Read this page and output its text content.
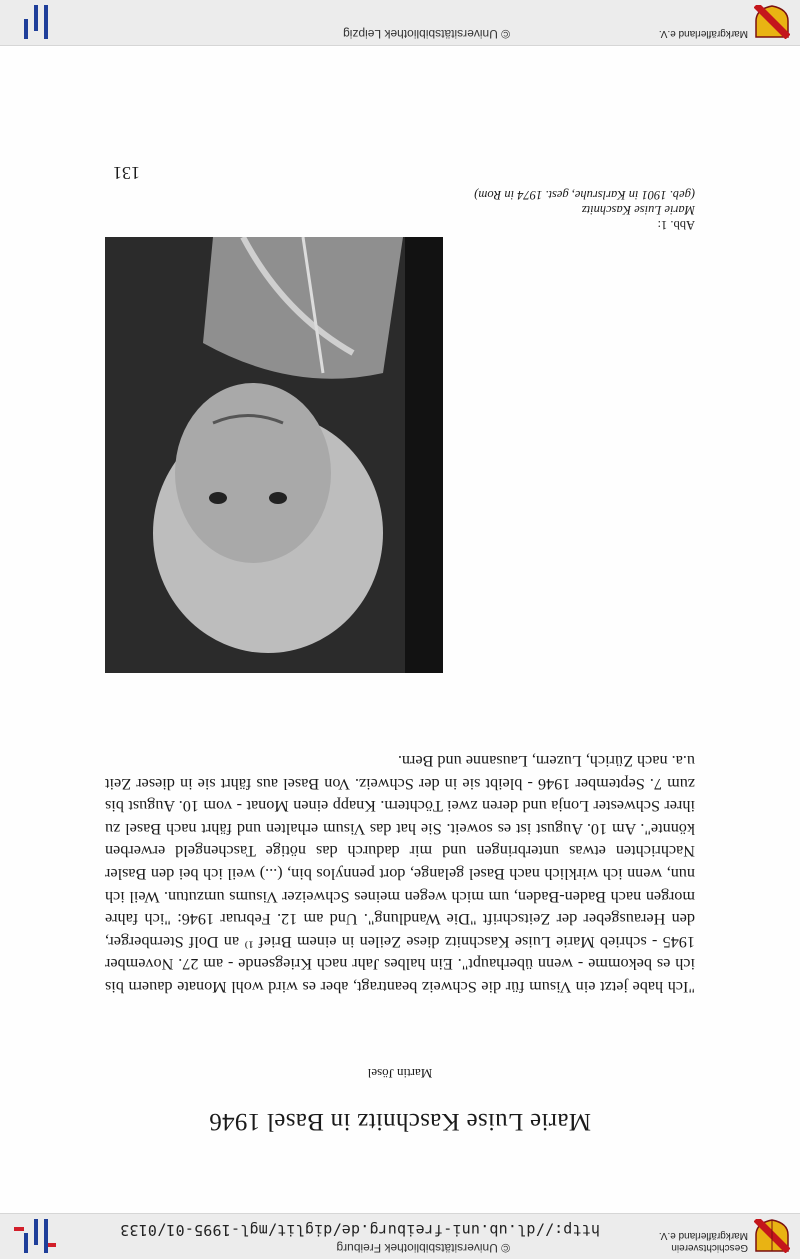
Geschichtsverein
Markgräflerland e.V.
© Universitätsbibliothek Freiburg
http://dl.ub.uni-freiburg.de/diglit/mgl-1995-01/0133
Marie Luise Kaschnitz in Basel 1946
Martin Jösel
"Ich habe jetzt ein Visum für die Schweiz beantragt, aber es wird wohl Monate dauern bis ich es bekomme - wenn überhaupt". Ein halbes Jahr nach Kriegsende - am 27. November 1945 - schrieb Marie Luise Kaschnitz diese Zeilen in einem Brief ¹⁾ an Dolf Sternberger, den Herausgeber der Zeitschrift "Die Wandlung". Und am 12. Februar 1946: "ich fahre morgen nach Baden-Baden, um mich wegen meines Schweizer Visums umzutun. Weil ich nun, wenn ich wirklich nach Basel gelange, dort pennylos bin, (...) weil ich bei den Basler Nachrichten etwas unterbringen und mir dadurch das nötige Taschengeld erwerben könnte". Am 10. August ist es soweit. Sie hat das Visum erhalten und fährt nach Basel zu ihrer Schwester Lonja und deren zwei Töchtern. Knapp einen Monat - vom 10. August bis zum 7. September 1946 - bleibt sie in der Schweiz. Von Basel aus fährt sie in dieser Zeit u.a. nach Zürich, Luzern, Lausanne und Bern.
Abb. 1:
Marie Luise Kaschnitz
(geb. 1901 in Karlsruhe, gest. 1974 in Rom)
131
Markgräflerland e.V.
© Universitätsbibliothek Leipzig
